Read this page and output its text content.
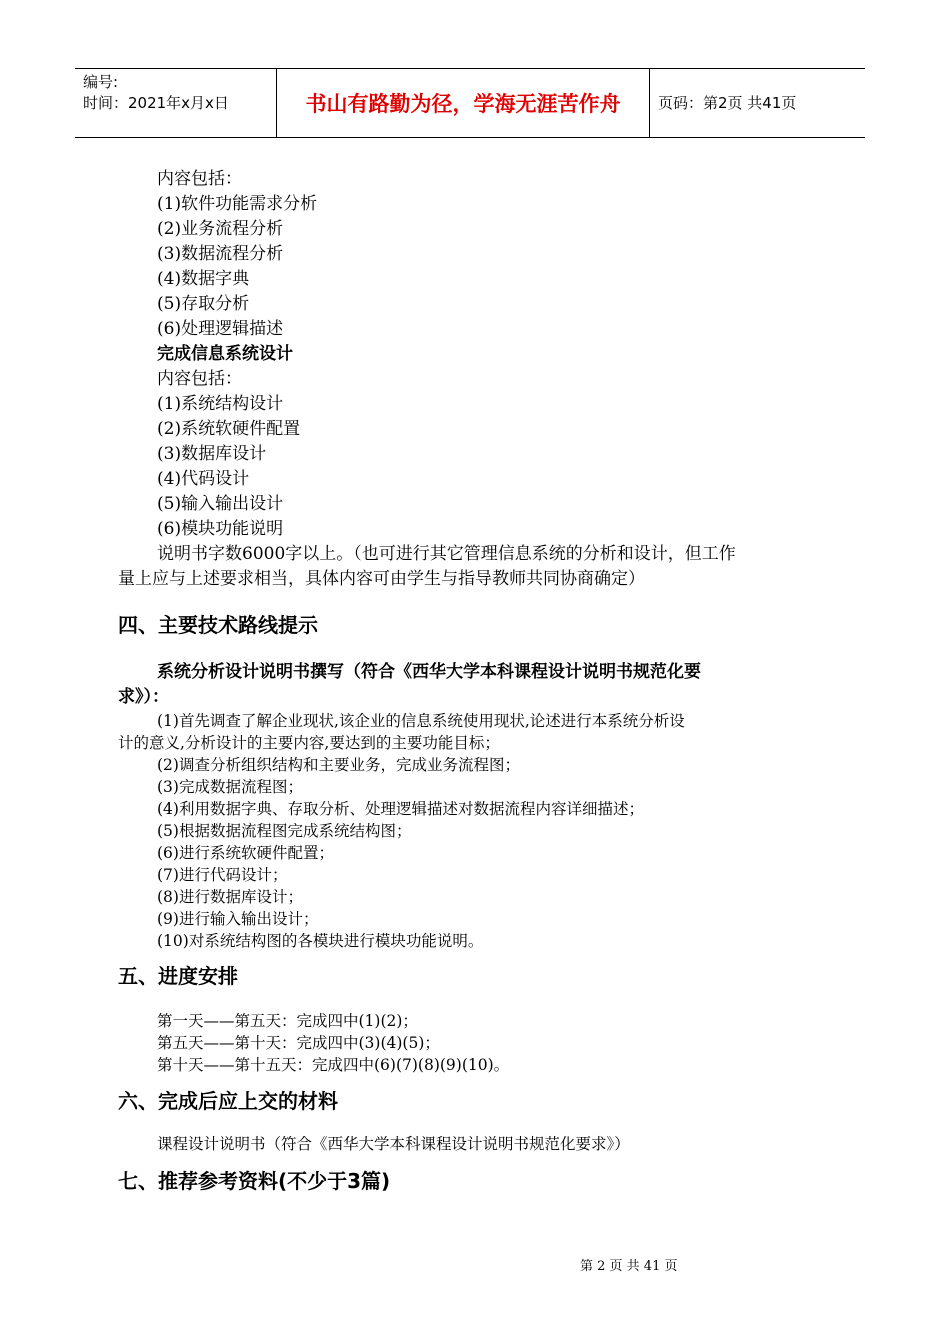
编号:
时间：2021年x月x日	书山有路勤为径，学海无涯苦作舟	页码：第2页 共41页
内容包括：
(1)软件功能需求分析
(2)业务流程分析
(3)数据流程分析
(4)数据字典
(5)存取分析
(6)处理逻辑描述
完成信息系统设计
内容包括：
(1)系统结构设计
(2)系统软硬件配置
(3)数据库设计
(4)代码设计
(5)输入输出设计
(6)模块功能说明
说明书字数6000字以上。（也可进行其它管理信息系统的分析和设计，但工作
量上应与上述要求相当，具体内容可由学生与指导教师共同协商确定）
四、主要技术路线提示
系统分析设计说明书撰写（符合《西华大学本科课程设计说明书规范化要
求》）：
(1)首先调查了解企业现状,该企业的信息系统使用现状,论述进行本系统分析设
计的意义,分析设计的主要内容,要达到的主要功能目标；
(2)调查分析组织结构和主要业务，完成业务流程图；
(3)完成数据流程图；
(4)利用数据字典、存取分析、处理逻辑描述对数据流程内容详细描述；
(5)根据数据流程图完成系统结构图；
(6)进行系统软硬件配置；
(7)进行代码设计；
(8)进行数据库设计；
(9)进行输入输出设计；
(10)对系统结构图的各模块进行模块功能说明。
五、进度安排
第一天——第五天：完成四中(1)(2)；
第五天——第十天：完成四中(3)(4)(5)；
第十天——第十五天：完成四中(6)(7)(8)(9)(10)。
六、完成后应上交的材料
课程设计说明书（符合《西华大学本科课程设计说明书规范化要求》）
七、推荐参考资料(不少于3篇)
第 2 页 共 41 页
